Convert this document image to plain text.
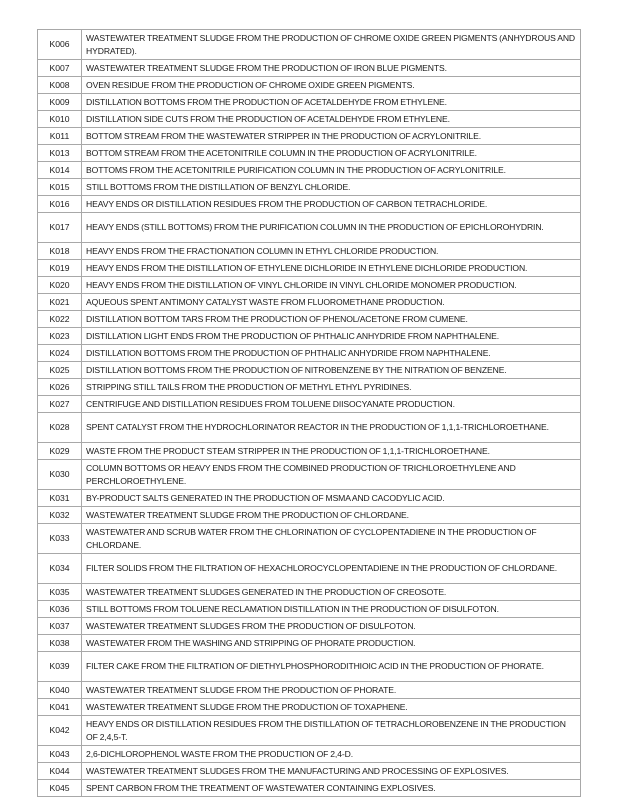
K006	WASTEWATER TREATMENT SLUDGE FROM THE PRODUCTION OF CHROME OXIDE GREEN PIGMENTS (ANHYDROUS AND HYDRATED).
K007	WASTEWATER TREATMENT SLUDGE FROM THE PRODUCTION OF IRON BLUE PIGMENTS.
K008	OVEN RESIDUE FROM THE PRODUCTION OF CHROME OXIDE GREEN PIGMENTS.
K009	DISTILLATION BOTTOMS FROM THE PRODUCTION OF ACETALDEHYDE FROM ETHYLENE.
K010	DISTILLATION SIDE CUTS FROM THE PRODUCTION OF ACETALDEHYDE FROM ETHYLENE.
K011	BOTTOM STREAM FROM THE WASTEWATER STRIPPER IN THE PRODUCTION OF ACRYLONITRILE.
K013	BOTTOM STREAM FROM THE ACETONITRILE COLUMN IN THE PRODUCTION OF ACRYLONITRILE.
K014	BOTTOMS FROM THE ACETONITRILE PURIFICATION COLUMN IN THE PRODUCTION OF ACRYLONITRILE.
K015	STILL BOTTOMS FROM THE DISTILLATION OF BENZYL CHLORIDE.
K016	HEAVY ENDS OR DISTILLATION RESIDUES FROM THE PRODUCTION OF CARBON TETRACHLORIDE.
K017	HEAVY ENDS (STILL BOTTOMS) FROM THE PURIFICATION COLUMN IN THE PRODUCTION OF EPICHLOROHYDRIN.
K018	HEAVY ENDS FROM THE FRACTIONATION COLUMN IN ETHYL CHLORIDE PRODUCTION.
K019	HEAVY ENDS FROM THE DISTILLATION OF ETHYLENE DICHLORIDE IN ETHYLENE DICHLORIDE PRODUCTION.
K020	HEAVY ENDS FROM THE DISTILLATION OF VINYL CHLORIDE IN VINYL CHLORIDE MONOMER PRODUCTION.
K021	AQUEOUS SPENT ANTIMONY CATALYST WASTE FROM FLUOROMETHANE PRODUCTION.
K022	DISTILLATION BOTTOM TARS FROM THE PRODUCTION OF PHENOL/ACETONE FROM CUMENE.
K023	DISTILLATION LIGHT ENDS FROM THE PRODUCTION OF PHTHALIC ANHYDRIDE FROM NAPHTHALENE.
K024	DISTILLATION BOTTOMS FROM THE PRODUCTION OF PHTHALIC ANHYDRIDE FROM NAPHTHALENE.
K025	DISTILLATION BOTTOMS FROM THE PRODUCTION OF NITROBENZENE BY THE NITRATION OF BENZENE.
K026	STRIPPING STILL TAILS FROM THE PRODUCTION OF METHYL ETHYL PYRIDINES.
K027	CENTRIFUGE AND DISTILLATION RESIDUES FROM TOLUENE DIISOCYANATE PRODUCTION.
K028	SPENT CATALYST FROM THE HYDROCHLORINATOR REACTOR IN THE PRODUCTION OF 1,1,1-TRICHLOROETHANE.
K029	WASTE FROM THE PRODUCT STEAM STRIPPER IN THE PRODUCTION OF 1,1,1-TRICHLOROETHANE.
K030	COLUMN BOTTOMS OR HEAVY ENDS FROM THE COMBINED PRODUCTION OF TRICHLOROETHYLENE AND PERCHLOROETHYLENE.
K031	BY-PRODUCT SALTS GENERATED IN THE PRODUCTION OF MSMA AND CACODYLIC ACID.
K032	WASTEWATER TREATMENT SLUDGE FROM THE PRODUCTION OF CHLORDANE.
K033	WASTEWATER AND SCRUB WATER FROM THE CHLORINATION OF CYCLOPENTADIENE IN THE PRODUCTION OF CHLORDANE.
K034	FILTER SOLIDS FROM THE FILTRATION OF HEXACHLOROCYCLOPENTADIENE IN THE PRODUCTION OF CHLORDANE.
K035	WASTEWATER TREATMENT SLUDGES GENERATED IN THE PRODUCTION OF CREOSOTE.
K036	STILL BOTTOMS FROM TOLUENE RECLAMATION DISTILLATION IN THE PRODUCTION OF DISULFOTON.
K037	WASTEWATER TREATMENT SLUDGES FROM THE PRODUCTION OF DISULFOTON.
K038	WASTEWATER FROM THE WASHING AND STRIPPING OF PHORATE PRODUCTION.
K039	FILTER CAKE FROM THE FILTRATION OF DIETHYLPHOSPHORODITHIOIC ACID IN THE PRODUCTION OF PHORATE.
K040	WASTEWATER TREATMENT SLUDGE FROM THE PRODUCTION OF PHORATE.
K041	WASTEWATER TREATMENT SLUDGE FROM THE PRODUCTION OF TOXAPHENE.
K042	HEAVY ENDS OR DISTILLATION RESIDUES FROM THE DISTILLATION OF TETRACHLOROBENZENE IN THE PRODUCTION OF 2,4,5-T.
K043	2,6-DICHLOROPHENOL WASTE FROM THE PRODUCTION OF 2,4-D.
K044	WASTEWATER TREATMENT SLUDGES FROM THE MANUFACTURING AND PROCESSING OF EXPLOSIVES.
K045	SPENT CARBON FROM THE TREATMENT OF WASTEWATER CONTAINING EXPLOSIVES.
